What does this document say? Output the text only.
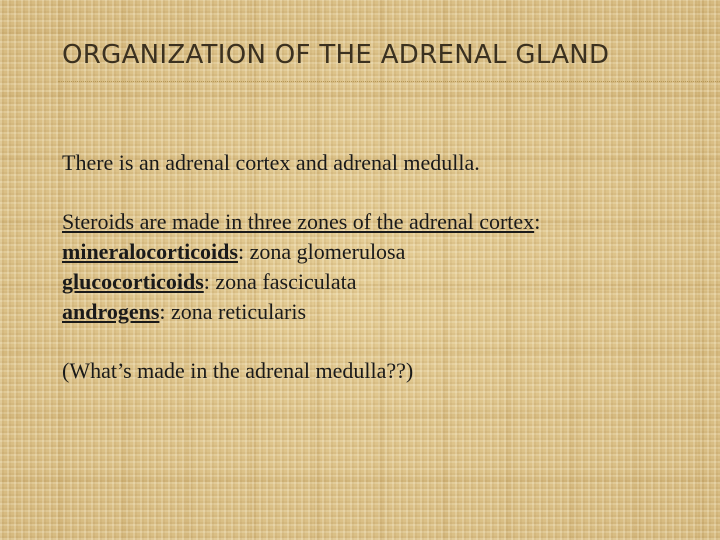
ORGANIZATION OF THE ADRENAL GLAND

There is an adrenal cortex and adrenal medulla.

Steroids are made in three zones of the adrenal cortex:

mineralocorticoids: zona glomerulosa

glucocorticoids: zona fasciculata

androgens: zona reticularis

(What’s made in the adrenal medulla??)
